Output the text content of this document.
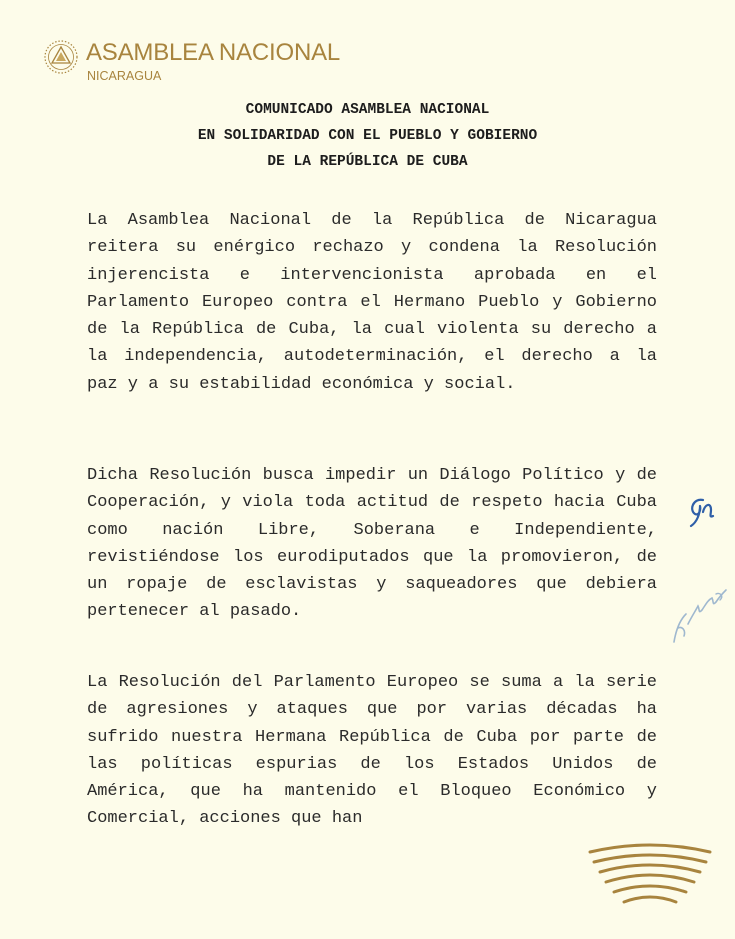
ASAMBLEA NACIONAL
NICARAGUA
COMUNICADO ASAMBLEA NACIONAL
EN SOLIDARIDAD CON EL PUEBLO Y GOBIERNO
DE LA REPÚBLICA DE CUBA

La Asamblea Nacional de la República de Nicaragua reitera su enérgico rechazo y condena la Resolución injerencista e intervencionista aprobada en el Parlamento Europeo contra el Hermano Pueblo y Gobierno de la República de Cuba, la cual violenta su derecho a la independencia, autodeterminación, el derecho a la paz y a su estabilidad económica y social.

Dicha Resolución busca impedir un Diálogo Político y de Cooperación, y viola toda actitud de respeto hacia Cuba como nación Libre, Soberana e Independiente, revistiéndose los eurodiputados que la promovieron, de un ropaje de esclavistas y saqueadores que debiera pertenecer al pasado.

La Resolución del Parlamento Europeo se suma a la serie de agresiones y ataques que por varias décadas ha sufrido nuestra Hermana República de Cuba por parte de las políticas espurias de los Estados Unidos de América, que ha mantenido el Bloqueo Económico y Comercial, acciones que han
